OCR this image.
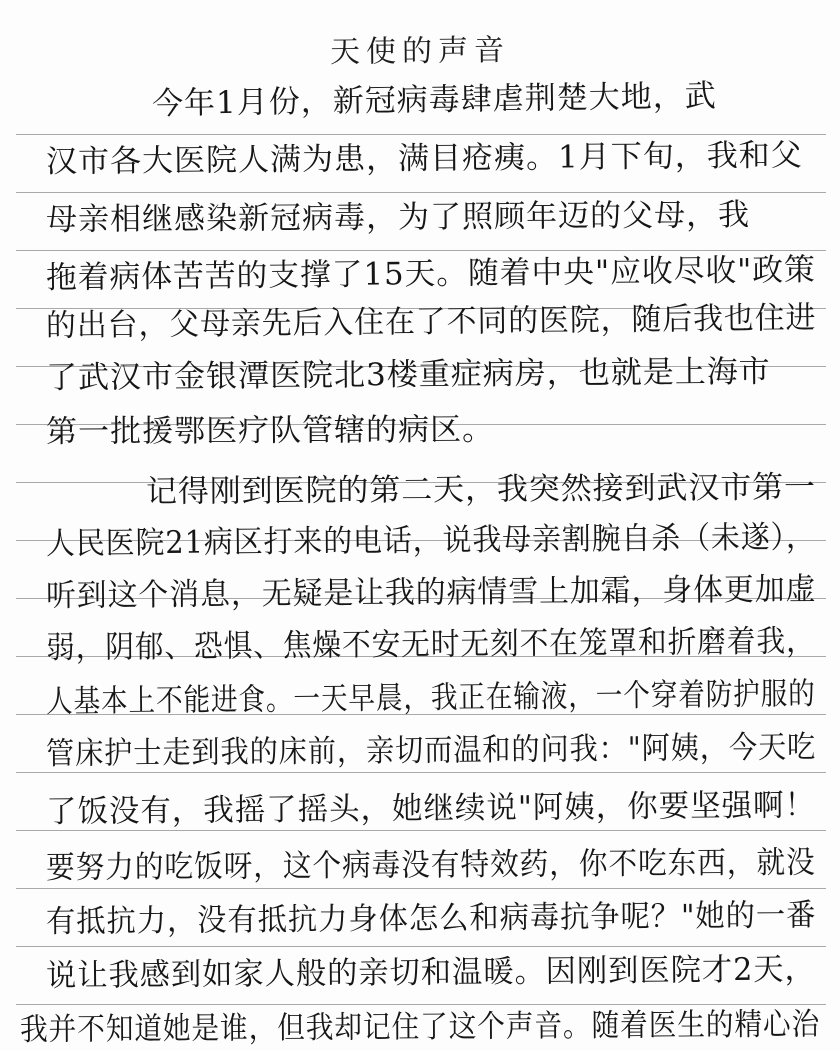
天使的声音
今年1月份，新冠病毒肆虐荆楚大地，武
汉市各大医院人满为患，满目疮痍。1月下旬，我和父
母亲相继感染新冠病毒，为了照顾年迈的父母，我
拖着病体苦苦的支撑了15天。随着中央"应收尽收"政策
的出台，父母亲先后入住在了不同的医院，随后我也住进
了武汉市金银潭医院北3楼重症病房，也就是上海市
第一批援鄂医疗队管辖的病区。
记得刚到医院的第二天，我突然接到武汉市第一
人民医院21病区打来的电话，说我母亲割腕自杀（未遂），
听到这个消息，无疑是让我的病情雪上加霜，身体更加虚
弱，阴郁、恐惧、焦燥不安无时无刻不在笼罩和折磨着我，
人基本上不能进食。一天早晨，我正在输液，一个穿着防护服的
管床护士走到我的床前，亲切而温和的问我："阿姨，今天吃
了饭没有，我摇了摇头，她继续说"阿姨，你要坚强啊！
要努力的吃饭呀，这个病毒没有特效药，你不吃东西，就没
有抵抗力，没有抵抗力身体怎么和病毒抗争呢？"她的一番
说让我感到如家人般的亲切和温暖。因刚到医院才2天，
我并不知道她是谁，但我却记住了这个声音。随着医生的精心治
